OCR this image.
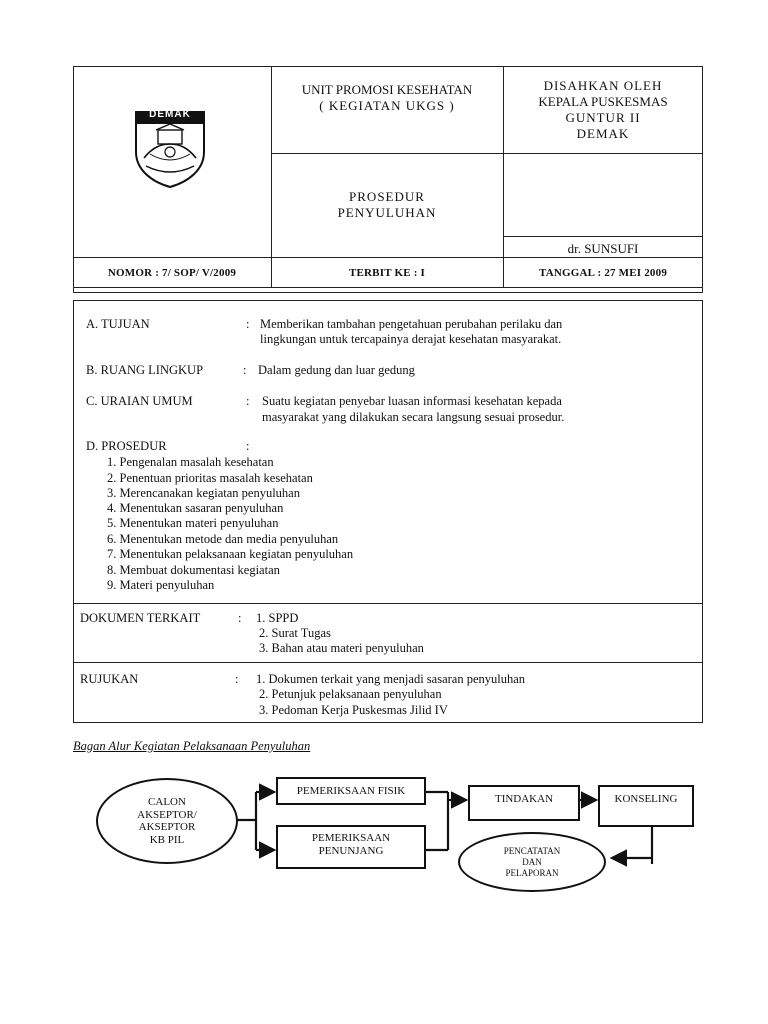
DEMAK
UNIT PROMOSI KESEHATAN
( KEGIATAN UKGS )
PROSEDUR
PENYULUHAN
DISAHKAN OLEH
KEPALA PUSKESMAS
GUNTUR II
DEMAK
dr. SUNSUFI
NOMOR : 7/ SOP/ V/2009	TERBIT KE : I	TANGGAL : 27 MEI 2009
A. TUJUAN	: Memberikan tambahan pengetahuan perubahan perilaku dan
lingkungan untuk tercapainya derajat kesehatan masyarakat.
B. RUANG LINGKUP	: Dalam gedung dan luar gedung
C. URAIAN UMUM	: Suatu kegiatan penyebar luasan informasi kesehatan kepada
masyarakat yang dilakukan secara langsung sesuai prosedur.
D. PROSEDUR	:
1. Pengenalan masalah kesehatan
2. Penentuan prioritas masalah kesehatan
3. Merencanakan kegiatan penyuluhan
4. Menentukan sasaran penyuluhan
5. Menentukan materi penyuluhan
6. Menentukan metode dan media penyuluhan
7. Menentukan pelaksanaan kegiatan penyuluhan
8. Membuat dokumentasi kegiatan
9. Materi penyuluhan
DOKUMEN TERKAIT	: 1. SPPD
2. Surat Tugas
3. Bahan atau materi penyuluhan
RUJUKAN	: 1. Dokumen terkait yang menjadi sasaran penyuluhan
2. Petunjuk pelaksanaan penyuluhan
3. Pedoman Kerja Puskesmas Jilid IV
Bagan Alur Kegiatan Pelaksanaan Penyuluhan
CALON
AKSEPTOR/
AKSEPTOR
KB PIL
PEMERIKSAAN FISIK
PEMERIKSAAN
PENUNJANG
TINDAKAN	KONSELING
PENCATATAN
DAN
PELAPORAN
